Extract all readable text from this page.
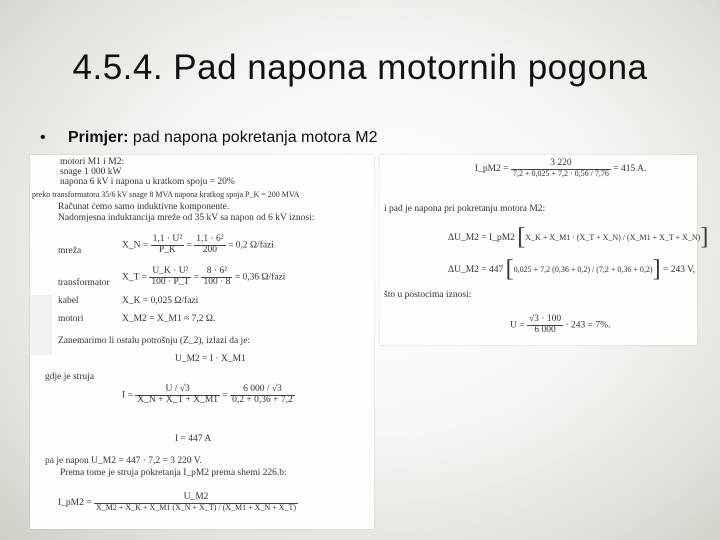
4.5.4. Pad napona motornih pogona
• Primjer: pad napona pokretanja motora M2
motori M1 i M2:
snage 1 000 kW
napona 6 kV i napona u kratkom spoju = 20%
preko transformatora 35/6 kV snage 8 MVA napona kratkog spoja P_K = 200 MVA
Računat ćemo samo induktivne komponente.
Nadomjesna induktancija mreže od 35 kV sa napon od 6 kV iznosi:
mreža
X_N = $\frac{\text{1,1 · U²}}{P\_K} = \frac{\text{1,1 · 6²}}{200} = 0,2$ Ω/fazi
transformator
X_T = $\frac{\text{U\_K · U²}}{100 \cdot P\_T} = \frac{\text{8 · 6²}}{100 \cdot 8} = 0,36$ Ω/fazi
kabel	X_K = 0,025 Ω/fazi
motori	X_M2 = X_M1 ≈ 7,2 Ω.
Zanemarimo li ostalu potrošnju (Z_2), izlazi da je:
U_M2 = I · X_M1
gdje je struja
$I = \frac{U / √3}{X\_N + X\_T + X\_M1} = \frac{6 000 / √3}{0,2 + 0,36 + 7,2}$
I = 447 A
pa je napon U_M2 = 447 · 7,2 = 3 220 V.
Prema tome je struja pokretanja I_pM2 prema shemi 226.b:
I_pM2 = $\frac{U\_M2}{X\_M2 + X\_K + X\_M1 (X\_N + X\_T) / (X\_M1 + X\_N + X\_T)}$
I_pM2 = $\frac{3 220}{7,2 + 0,025 + 7,2 \cdot 0,56 / 7,76} = 415$ A.
i pad je napona pri pokretanju motora M2:
ΔU_M2 = I_pM2 [X_K + X_M1 · (X_T + X_N) / (X_M1 + X_T + X_N)]
ΔU_M2 = 447 [0,025 + 7,2 (0,36 + 0,2) / (7,2 + 0,36 + 0,2)] = 243 V,
što u postocima iznosi:
$U = \frac{√3 \cdot 100}{6 000} \cdot 243 = 7\%$.
